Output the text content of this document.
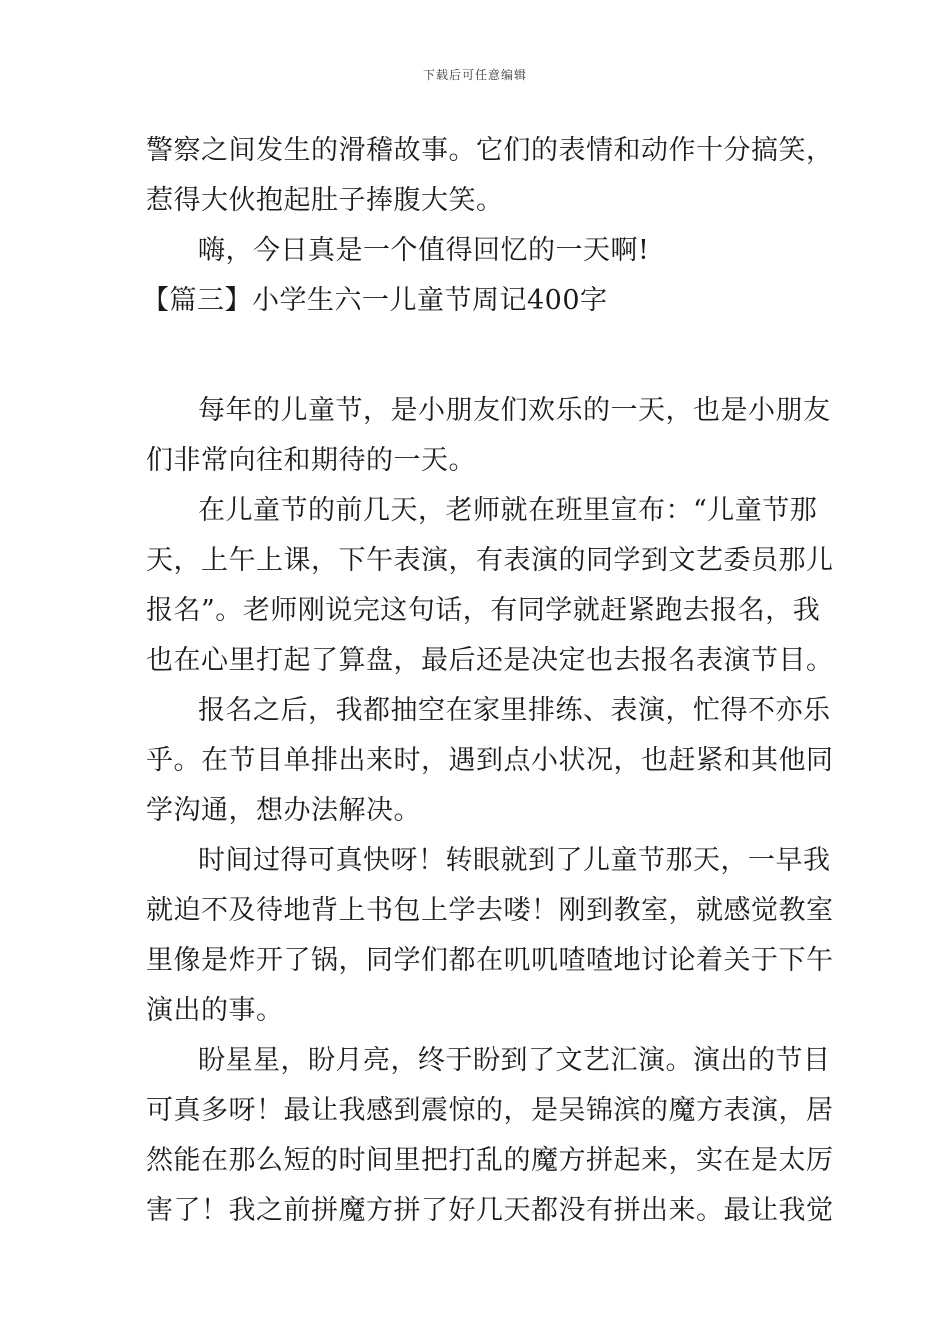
下载后可任意编辑
警察之间发生的滑稽故事。它们的表情和动作十分搞笑，
惹得大伙抱起肚子捧腹大笑。
嗨，今日真是一个值得回忆的一天啊!
【篇三】小学生六一儿童节周记400字
每年的儿童节，是小朋友们欢乐的一天，也是小朋友
们非常向往和期待的一天。
在儿童节的前几天，老师就在班里宣布：“儿童节那
天，上午上课，下午表演，有表演的同学到文艺委员那儿
报名”。老师刚说完这句话，有同学就赶紧跑去报名，我
也在心里打起了算盘，最后还是决定也去报名表演节目。
报名之后，我都抽空在家里排练、表演，忙得不亦乐
乎。在节目单排出来时，遇到点小状况，也赶紧和其他同
学沟通，想办法解决。
时间过得可真快呀！转眼就到了儿童节那天，一早我
就迫不及待地背上书包上学去喽！刚到教室，就感觉教室
里像是炸开了锅，同学们都在叽叽喳喳地讨论着关于下午
演出的事。
盼星星，盼月亮，终于盼到了文艺汇演。演出的节目
可真多呀！最让我感到震惊的，是吴锦滨的魔方表演，居
然能在那么短的时间里把打乱的魔方拼起来，实在是太厉
害了！我之前拼魔方拼了好几天都没有拼出来。最让我觉
